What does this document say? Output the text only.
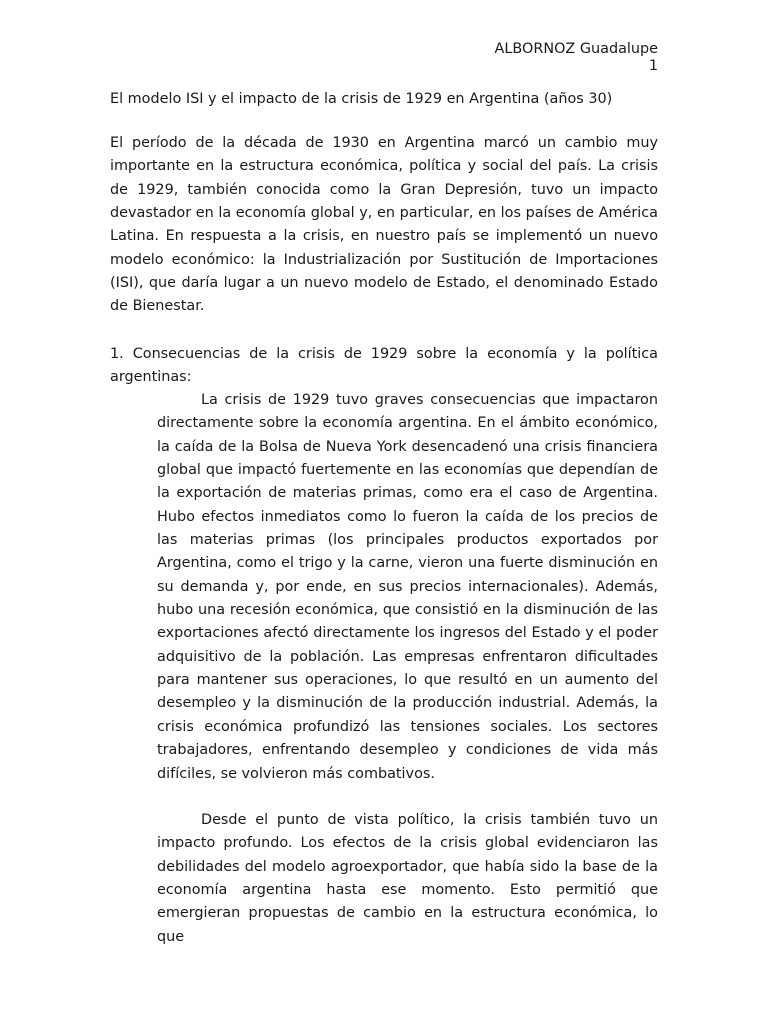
ALBORNOZ Guadalupe
1
El modelo ISI y el impacto de la crisis de 1929 en Argentina (años 30)

El período de la década de 1930 en Argentina marcó un cambio muy importante en la estructura económica, política y social del país. La crisis de 1929, también conocida como la Gran Depresión, tuvo un impacto devastador en la economía global y, en particular, en los países de América Latina. En respuesta a la crisis, en nuestro país se implementó un nuevo modelo económico: la Industrialización por Sustitución de Importaciones (ISI), que daría lugar a un nuevo modelo de Estado, el denominado Estado de Bienestar.

1. Consecuencias de la crisis de 1929 sobre la economía y la política argentinas:

La crisis de 1929 tuvo graves consecuencias que impactaron directamente sobre la economía argentina. En el ámbito económico, la caída de la Bolsa de Nueva York desencadenó una crisis financiera global que impactó fuertemente en las economías que dependían de la exportación de materias primas, como era el caso de Argentina. Hubo efectos inmediatos como lo fueron la caída de los precios de las materias primas (los principales productos exportados por Argentina, como el trigo y la carne, vieron una fuerte disminución en su demanda y, por ende, en sus precios internacionales). Además, hubo una recesión económica, que consistió en la disminución de las exportaciones afectó directamente los ingresos del Estado y el poder adquisitivo de la población. Las empresas enfrentaron dificultades para mantener sus operaciones, lo que resultó en un aumento del desempleo y la disminución de la producción industrial. Además, la crisis económica profundizó las tensiones sociales. Los sectores trabajadores, enfrentando desempleo y condiciones de vida más difíciles, se volvieron más combativos.

Desde el punto de vista político, la crisis también tuvo un impacto profundo. Los efectos de la crisis global evidenciaron las debilidades del modelo agroexportador, que había sido la base de la economía argentina hasta ese momento. Esto permitió que emergieran propuestas de cambio en la estructura económica, lo que
